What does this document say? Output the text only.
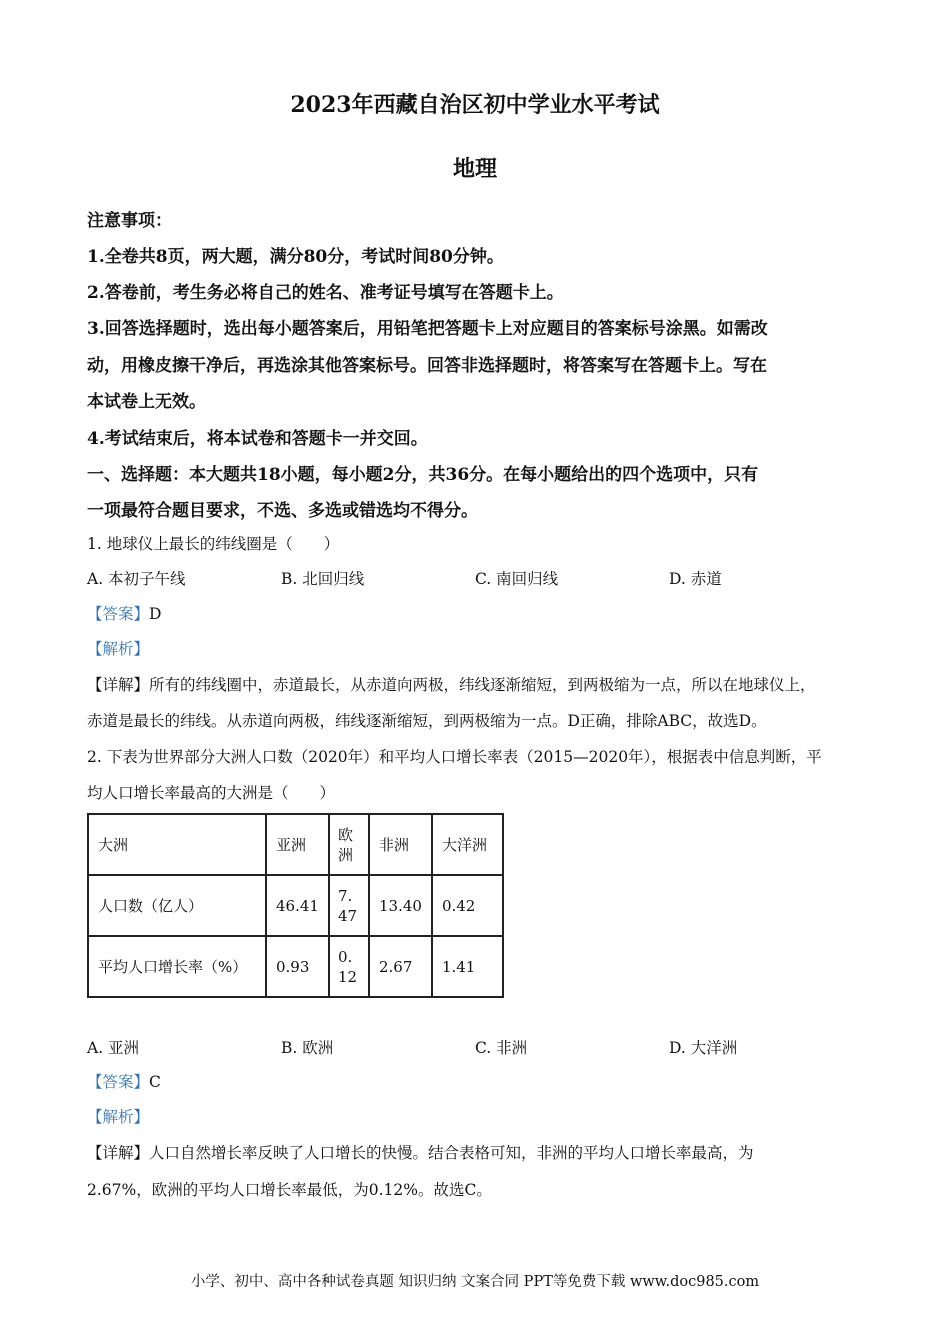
2023年西藏自治区初中学业水平考试
地理
注意事项：
1.全卷共8页，两大题，满分80分，考试时间80分钟。
2.答卷前，考生务必将自己的姓名、准考证号填写在答题卡上。
3.回答选择题时，选出每小题答案后，用铅笔把答题卡上对应题目的答案标号涂黑。如需改
动，用橡皮擦干净后，再选涂其他答案标号。回答非选择题时，将答案写在答题卡上。写在
本试卷上无效。
4.考试结束后，将本试卷和答题卡一并交回。
一、选择题：本大题共18小题，每小题2分，共36分。在每小题给出的四个选项中，只有
一项最符合题目要求，不选、多选或错选均不得分。
1. 地球仪上最长的纬线圈是（　　）
A. 本初子午线	B. 北回归线	C. 南回归线	D. 赤道
【答案】D
【解析】
【详解】所有的纬线圈中，赤道最长，从赤道向两极，纬线逐渐缩短，到两极缩为一点，所以在地球仪上，
赤道是最长的纬线。从赤道向两极，纬线逐渐缩短，到两极缩为一点。D正确，排除ABC，故选D。
2. 下表为世界部分大洲人口数（2020年）和平均人口增长率表（2015—2020年），根据表中信息判断，平
均人口增长率最高的大洲是（　　）
大洲	亚洲	欧洲	非洲	大洋洲
人口数（亿人）	46.41	7.47	13.40	0.42
平均人口增长率（%）	0.93	0.12	2.67	1.41
A. 亚洲	B. 欧洲	C. 非洲	D. 大洋洲
【答案】C
【解析】
【详解】人口自然增长率反映了人口增长的快慢。结合表格可知，非洲的平均人口增长率最高，为
2.67%，欧洲的平均人口增长率最低，为0.12%。故选C。
小学、初中、高中各种试卷真题 知识归纳 文案合同 PPT等免费下载 www.doc985.com
